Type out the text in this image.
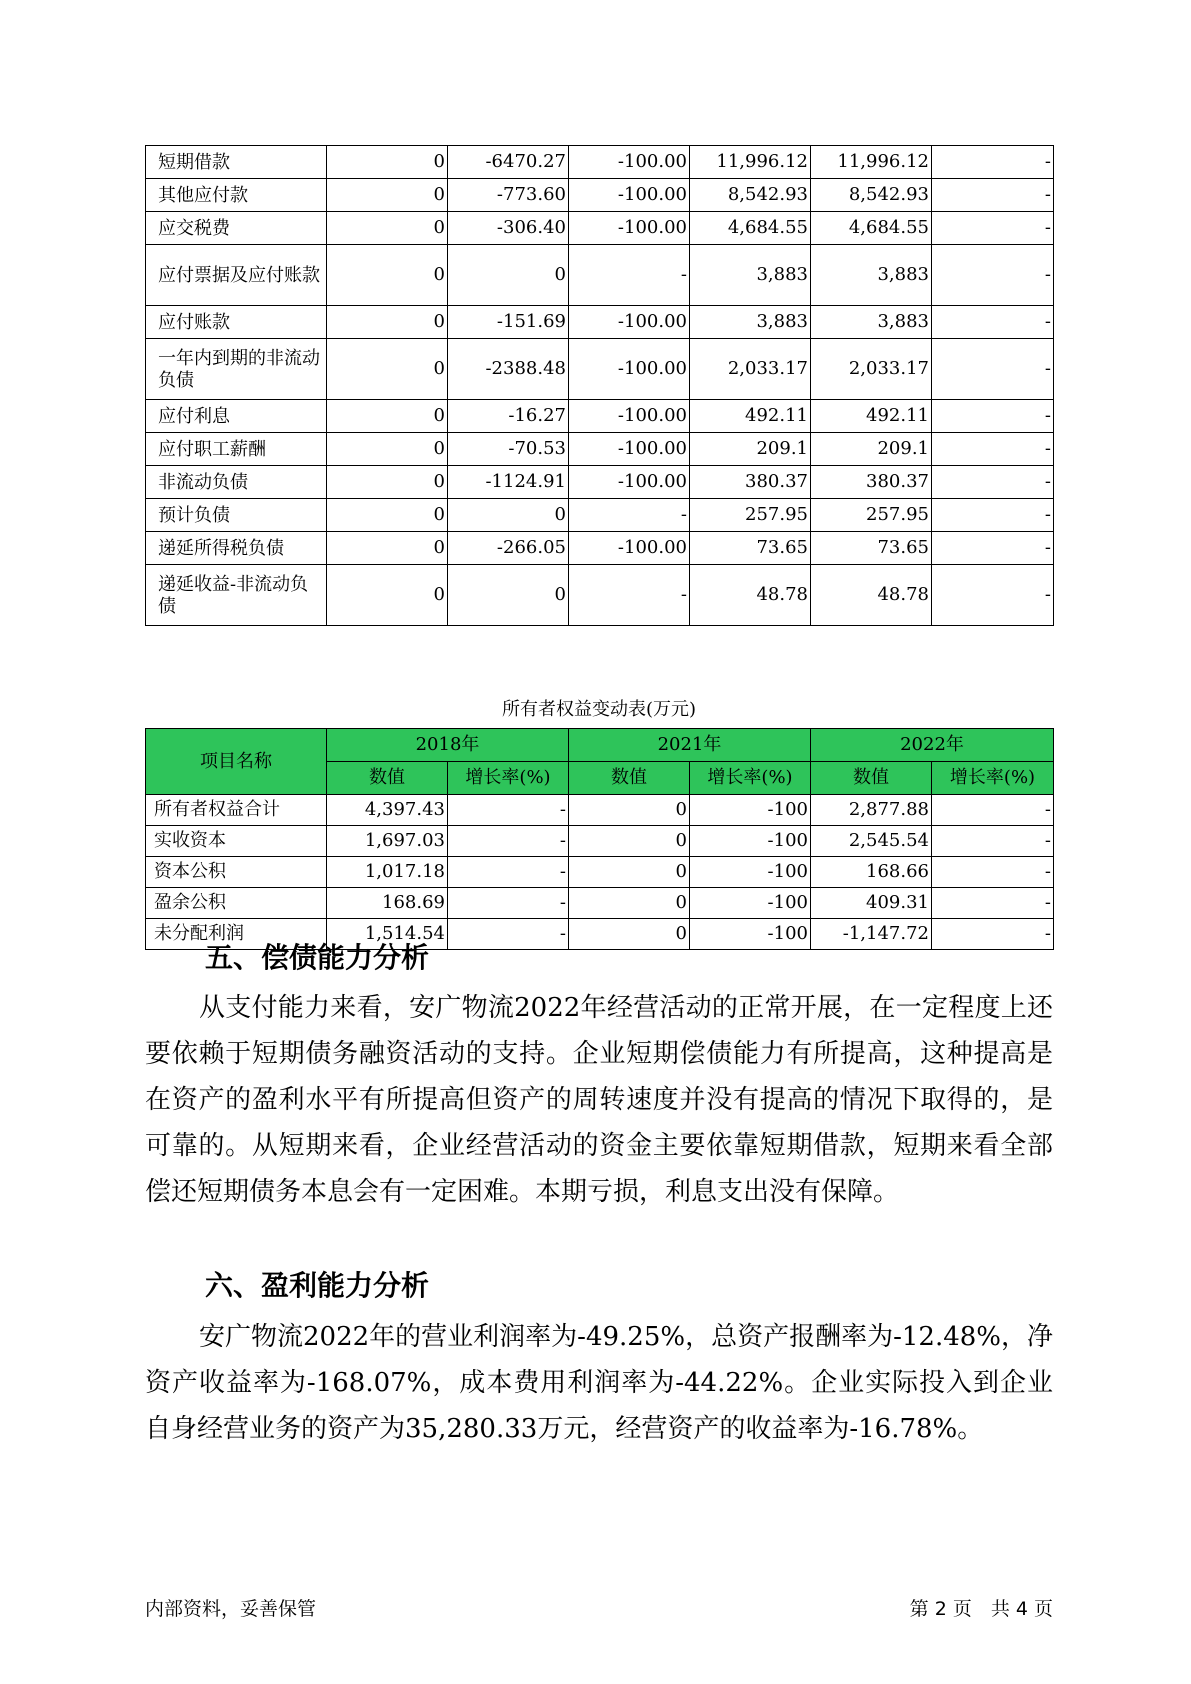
短期借款	0	-6470.27	-100.00	11,996.12	11,996.12	-
其他应付款	0	-773.60	-100.00	8,542.93	8,542.93	-
应交税费	0	-306.40	-100.00	4,684.55	4,684.55	-
应付票据及应付账款	0	0	-	3,883	3,883	-
应付账款	0	-151.69	-100.00	3,883	3,883	-
一年内到期的非流动负债	0	-2388.48	-100.00	2,033.17	2,033.17	-
应付利息	0	-16.27	-100.00	492.11	492.11	-
应付职工薪酬	0	-70.53	-100.00	209.1	209.1	-
非流动负债	0	-1124.91	-100.00	380.37	380.37	-
预计负债	0	0	-	257.95	257.95	-
递延所得税负债	0	-266.05	-100.00	73.65	73.65	-
递延收益-非流动负债	0	0	-	48.78	48.78	-
所有者权益变动表(万元)
项目名称	2018年		2021年		2022年	
	数值	增长率(%)	数值	增长率(%)	数值	增长率(%)
所有者权益合计	4,397.43	-	0	-100	2,877.88	-
实收资本	1,697.03	-	0	-100	2,545.54	-
资本公积	1,017.18	-	0	-100	168.66	-
盈余公积	168.69	-	0	-100	409.31	-
未分配利润	1,514.54	-	0	-100	-1,147.72	-
五、偿债能力分析
从支付能力来看，安广物流2022年经营活动的正常开展，在一定程度上还要依赖于短期债务融资活动的支持。企业短期偿债能力有所提高，这种提高是在资产的盈利水平有所提高但资产的周转速度并没有提高的情况下取得的，是可靠的。从短期来看，企业经营活动的资金主要依靠短期借款，短期来看全部偿还短期债务本息会有一定困难。本期亏损，利息支出没有保障。
六、盈利能力分析
安广物流2022年的营业利润率为-49.25%，总资产报酬率为-12.48%，净资产收益率为-168.07%，成本费用利润率为-44.22%。企业实际投入到企业自身经营业务的资产为35,280.33万元，经营资产的收益率为-16.78%。
内部资料，妥善保管	第 2 页　共 4 页
